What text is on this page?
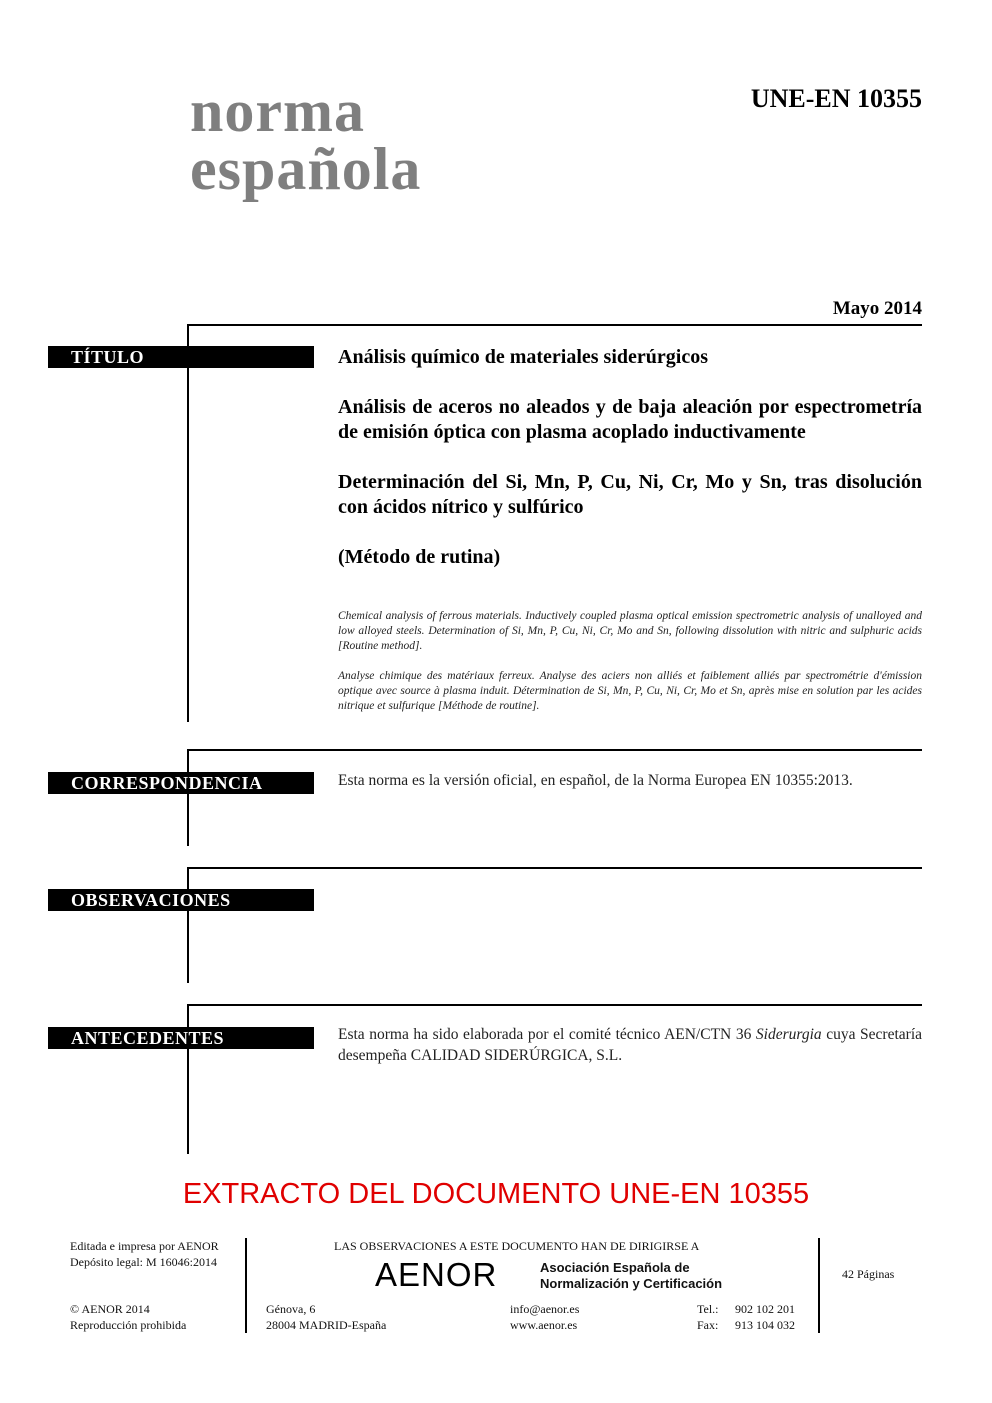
norma
española
UNE-EN 10355
Mayo 2014
TÍTULO	Análisis químico de materiales siderúrgicos

Análisis de aceros no aleados y de baja aleación por espectrometría de emisión óptica con plasma acoplado inductivamente

Determinación del Si, Mn, P, Cu, Ni, Cr, Mo y Sn, tras disolución con ácidos nítrico y sulfúrico

(Método de rutina)

Chemical analysis of ferrous materials. Inductively coupled plasma optical emission spectrometric analysis of unalloyed and low alloyed steels. Determination of Si, Mn, P, Cu, Ni, Cr, Mo and Sn, following dissolution with nitric and sulphuric acids [Routine method].

Analyse chimique des matériaux ferreux. Analyse des aciers non alliés et faiblement alliés par spectrométrie d'émission optique avec source à plasma induit. Détermination de Si, Mn, P, Cu, Ni, Cr, Mo et Sn, après mise en solution par les acides nitrique et sulfurique [Méthode de routine].

CORRESPONDENCIA	Esta norma es la versión oficial, en español, de la Norma Europea EN 10355:2013.
OBSERVACIONES
ANTECEDENTES	Esta norma ha sido elaborada por el comité técnico AEN/CTN 36 Siderurgia cuya Secretaría desempeña CALIDAD SIDERÚRGICA, S.L.
EXTRACTO DEL DOCUMENTO UNE-EN 10355
Editada e impresa por AENOR
Depósito legal: M 16046:2014
© AENOR 2014
Reproducción prohibida
LAS OBSERVACIONES A ESTE DOCUMENTO HAN DE DIRIGIRSE A
AENOR	Asociación Española de
Normalización y Certificación
Génova, 6
28004 MADRID-España
info@aenor.es
www.aenor.es
Tel.: 902 102 201
Fax: 913 104 032
42 Páginas
